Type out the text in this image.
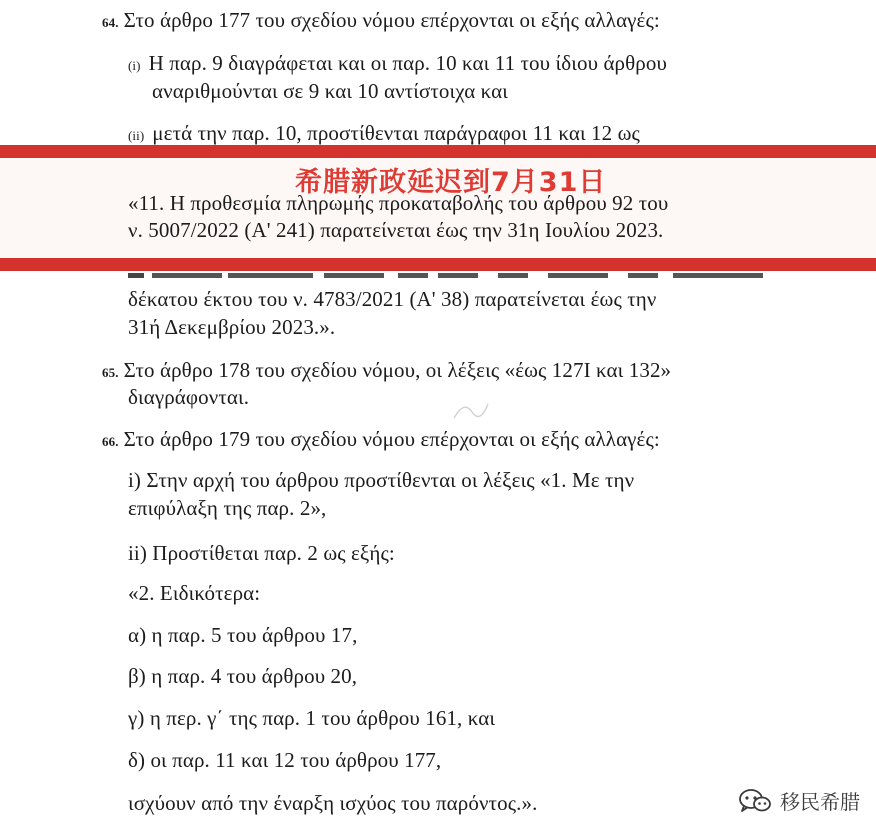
64. Στο άρθρο 177 του σχεδίου νόμου επέρχονται οι εξής αλλαγές:
(i) Η παρ. 9 διαγράφεται και οι παρ. 10 και 11 του ίδιου άρθρου
αναριθμούνται σε 9 και 10 αντίστοιχα και
(ii) μετά την παρ. 10, προστίθενται παράγραφοι 11 και 12 ως
希腊新政延迟到7月31日
«11. Η προθεσμία πληρωμής προκαταβολής του άρθρου 92 του
ν. 5007/2022 (Α' 241) παρατείνεται έως την 31η Ιουλίου 2023.
δέκατου έκτου του ν. 4783/2021 (Α' 38) παρατείνεται έως την
31ή Δεκεμβρίου 2023.».
65. Στο άρθρο 178 του σχεδίου νόμου, οι λέξεις «έως 127Ι και 132»
διαγράφονται.
66. Στο άρθρο 179 του σχεδίου νόμου επέρχονται οι εξής αλλαγές:
i) Στην αρχή του άρθρου προστίθενται οι λέξεις «1. Με την
επιφύλαξη της παρ. 2»,
ii) Προστίθεται παρ. 2 ως εξής:
«2. Ειδικότερα:
α) η παρ. 5 του άρθρου 17,
β) η παρ. 4 του άρθρου 20,
γ) η περ. γ΄ της παρ. 1 του άρθρου 161, και
δ) οι παρ. 11 και 12 του άρθρου 177,
ισχύουν από την έναρξη ισχύος του παρόντος.».	移民希腊
